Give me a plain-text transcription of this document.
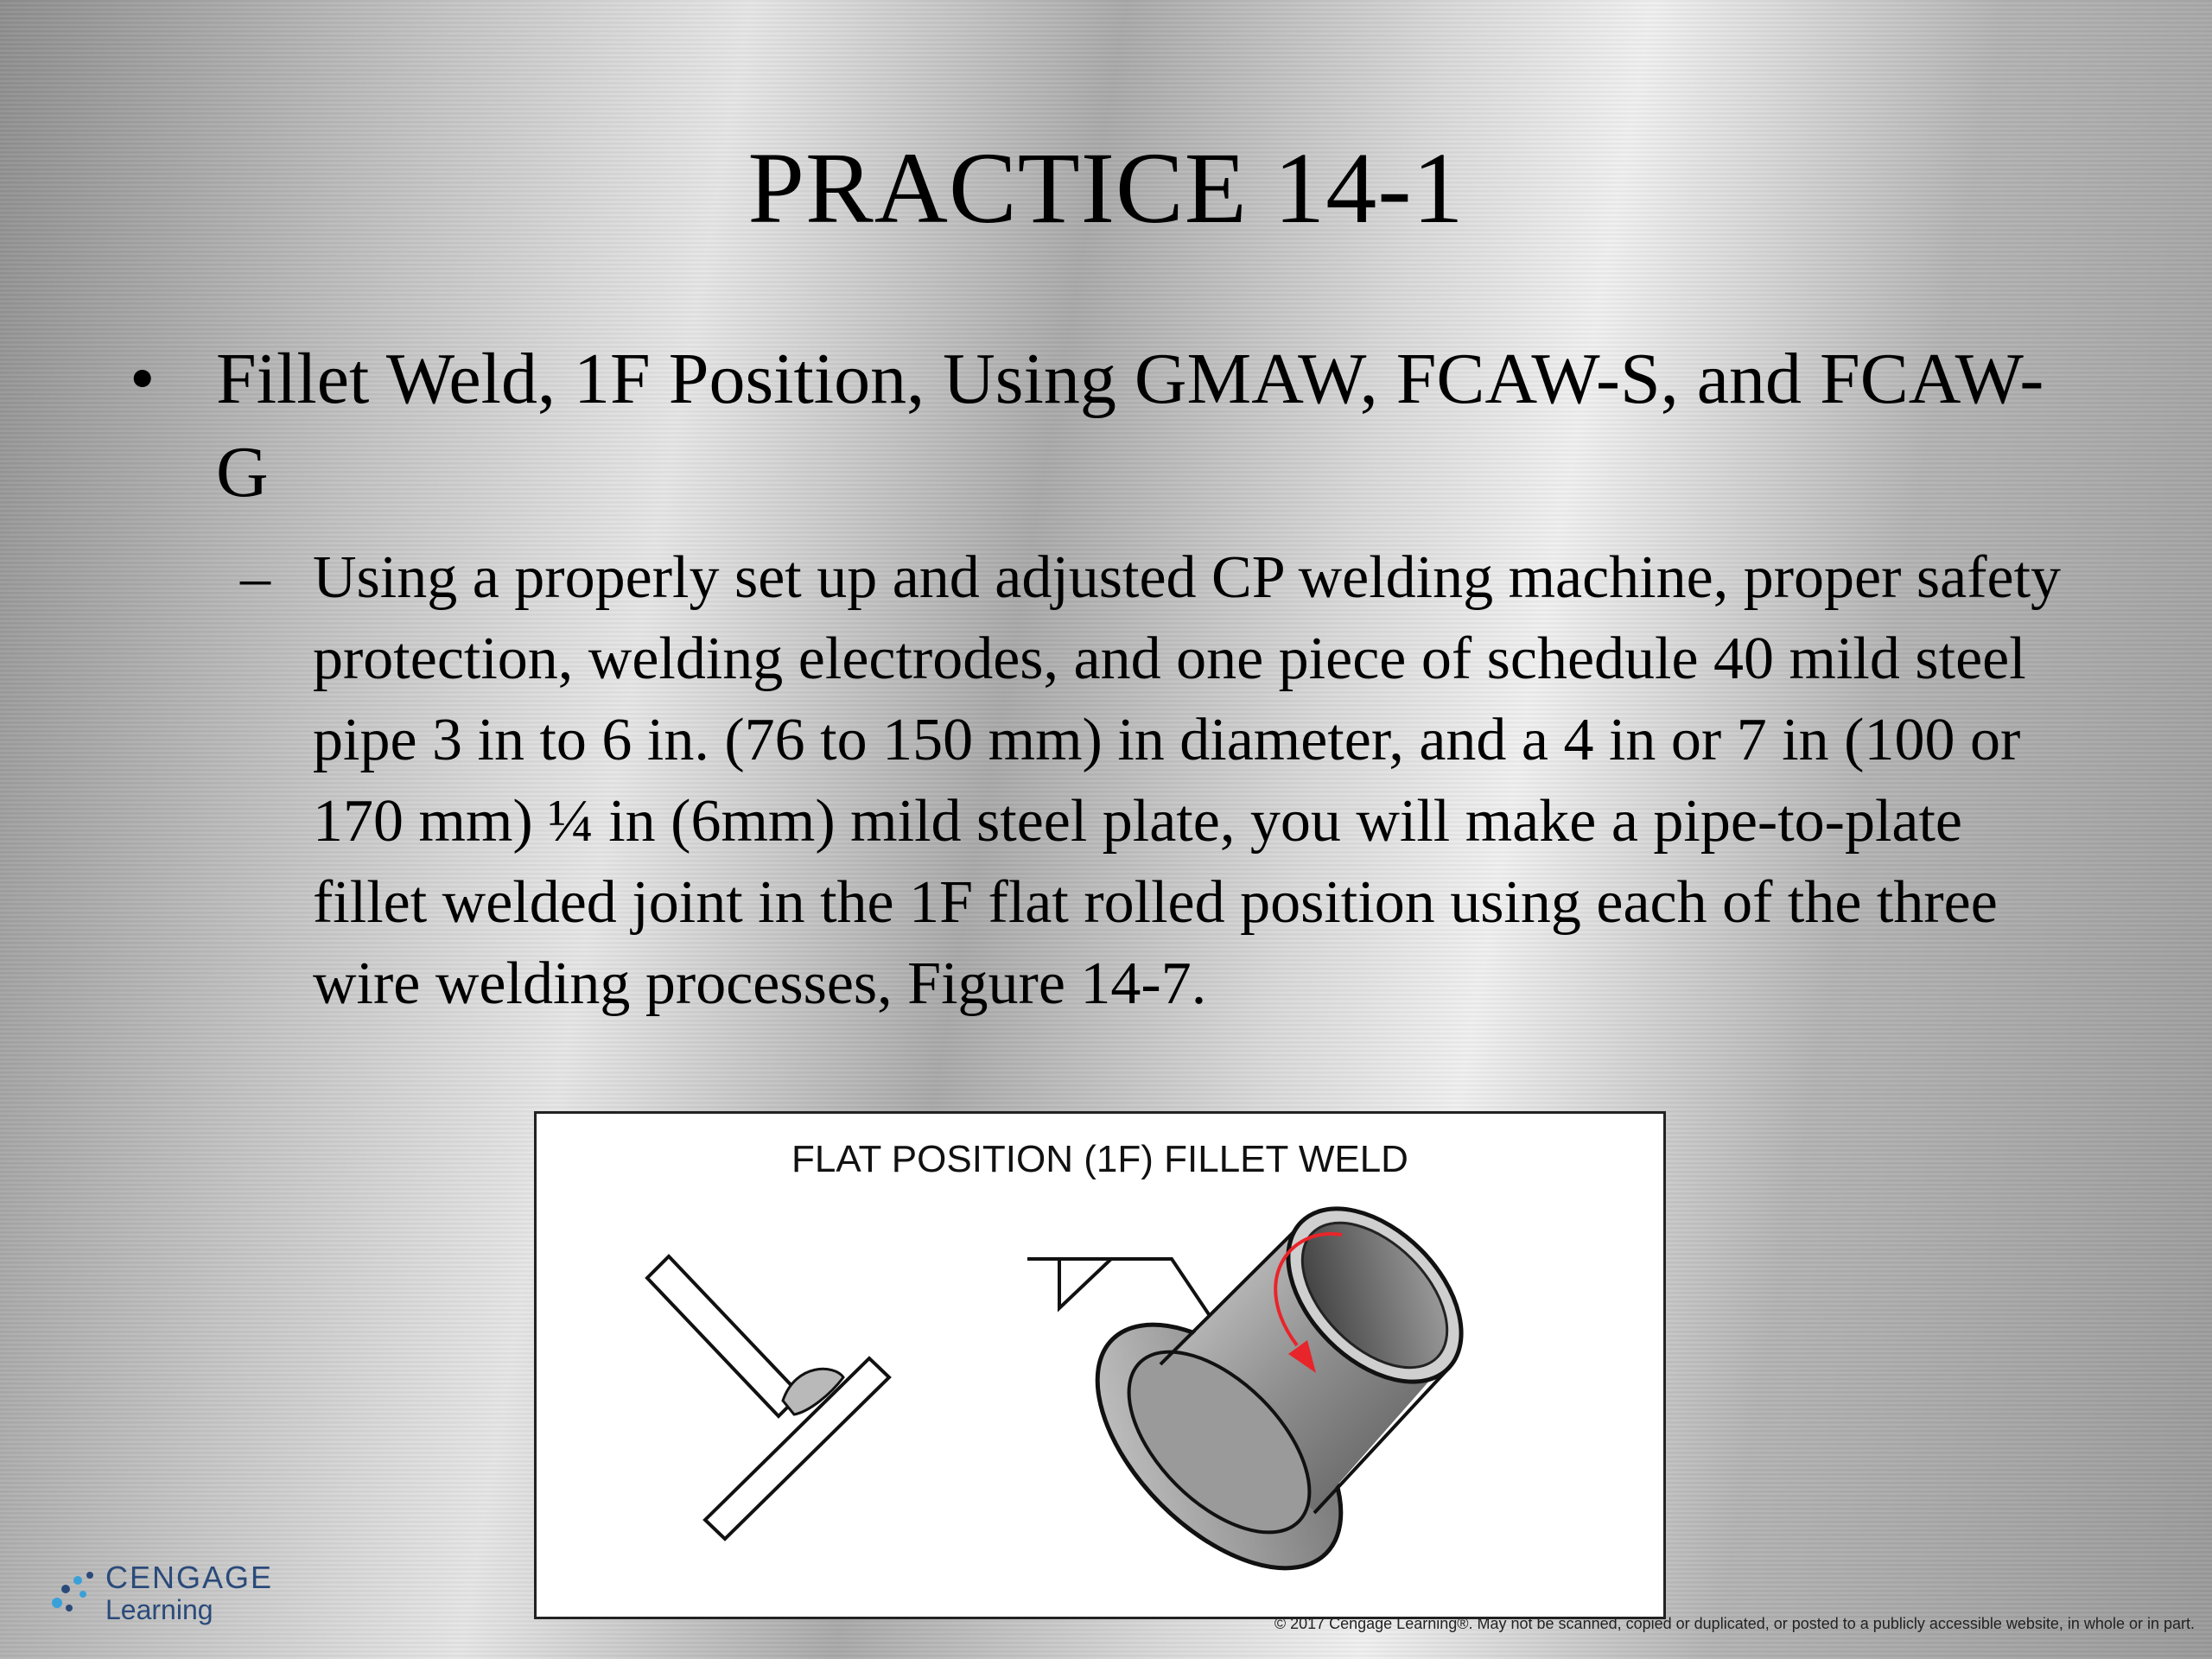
PRACTICE 14-1
• Fillet Weld, 1F Position, Using GMAW, FCAW-S, and FCAW-G
– Using a properly set up and adjusted CP welding machine, proper safety protection, welding electrodes, and one piece of schedule 40 mild steel pipe 3 in to 6 in. (76 to 150 mm) in diameter, and a 4 in or 7 in (100 or 170 mm) ¼ in (6mm) mild steel plate, you will make a pipe-to-plate fillet welded joint in the 1F flat rolled position using each of the three wire welding processes, Figure 14-7.
FLAT POSITION (1F) FILLET WELD
CENGAGE
Learning	© 2017 Cengage Learning®. May not be scanned, copied or duplicated, or posted to a publicly accessible website, in whole or in part.
